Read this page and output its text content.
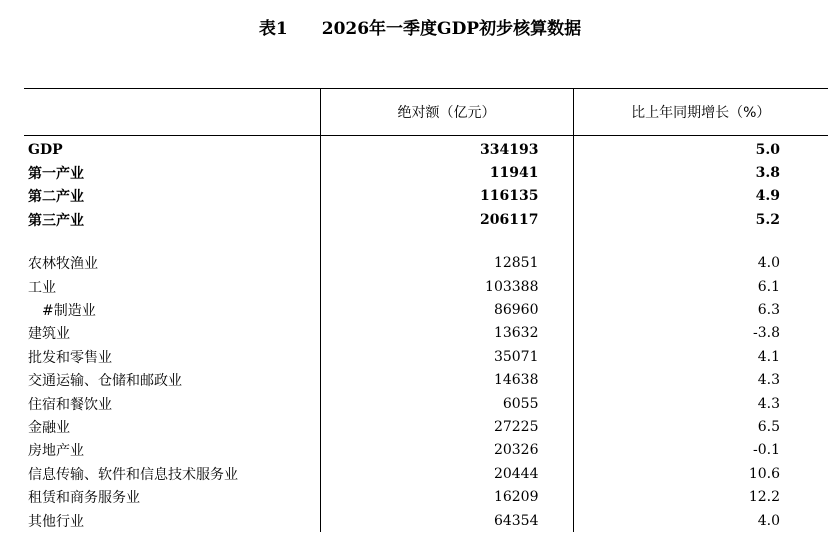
表1 2026年一季度GDP初步核算数据
	绝对额（亿元）	比上年同期增长（%）
GDP	334193	5.0
第一产业	11941	3.8
第二产业	116135	4.9
第三产业	206117	5.2

农林牧渔业	12851	4.0
工业	103388	6.1
#制造业	86960	6.3
建筑业	13632	-3.8
批发和零售业	35071	4.1
交通运输、仓储和邮政业	14638	4.3
住宿和餐饮业	6055	4.3
金融业	27225	6.5
房地产业	20326	-0.1
信息传输、软件和信息技术服务业	20444	10.6
租赁和商务服务业	16209	12.2
其他行业	64354	4.0
